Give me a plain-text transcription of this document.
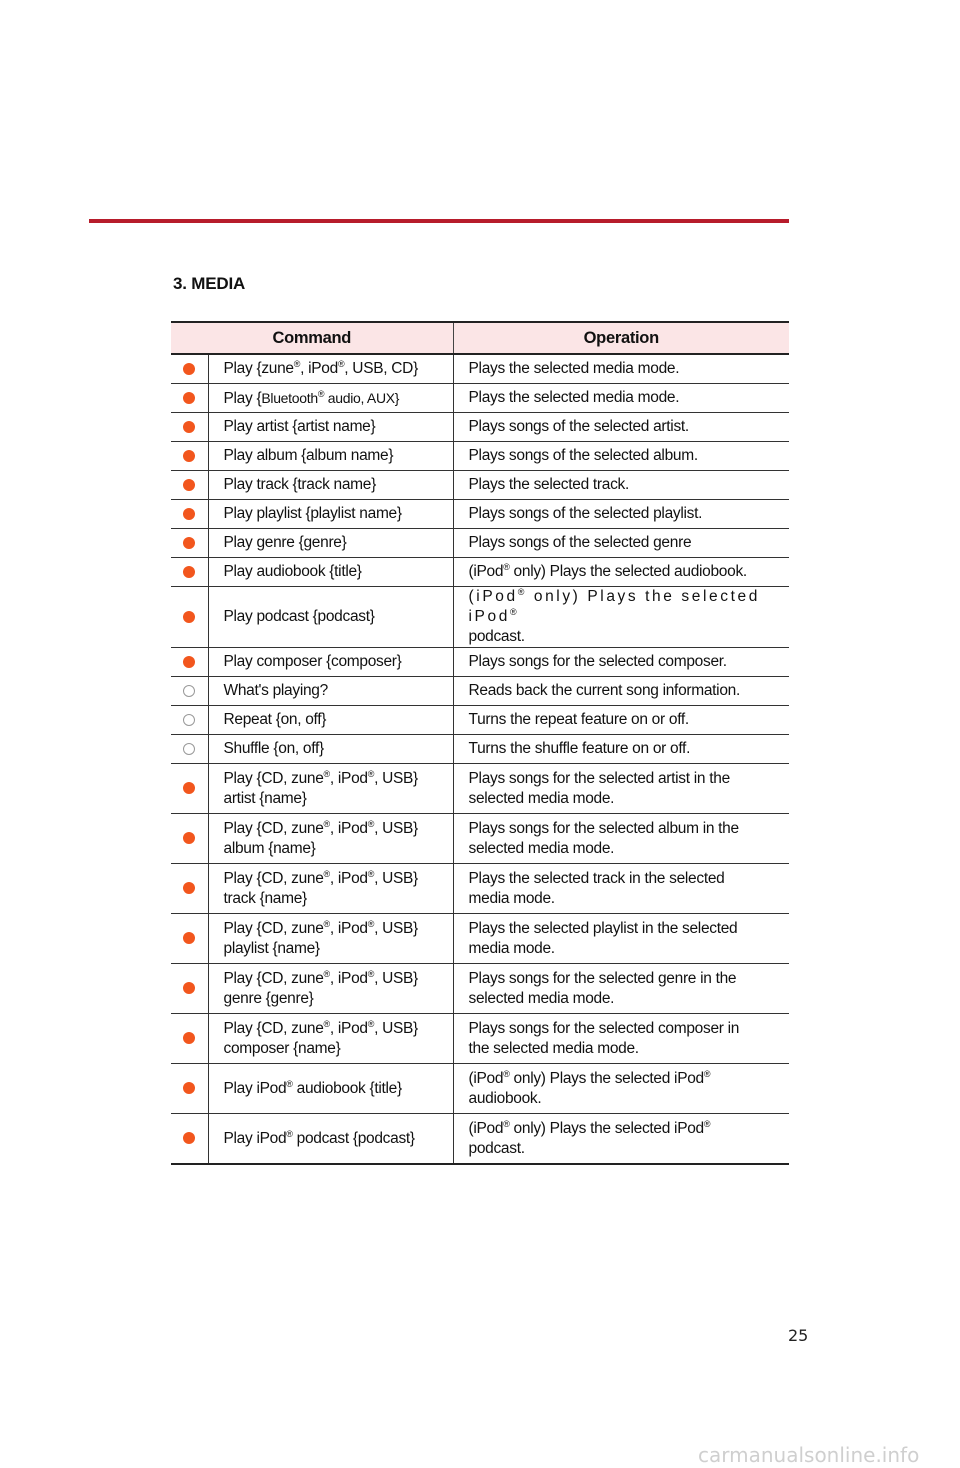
3. MEDIA
Command		Operation
	Play {zune®, iPod®, USB, CD}	Plays the selected media mode.
	Play {Bluetooth® audio, AUX}	Plays the selected media mode.
	Play artist {artist name}	Plays songs of the selected artist.
	Play album {album name}	Plays songs of the selected album.
	Play track {track name}	Plays the selected track.
	Play playlist {playlist name}	Plays songs of the selected playlist.
	Play genre {genre}	Plays songs of the selected genre
	Play audiobook {title}	(iPod® only) Plays the selected audiobook.
	Play podcast {podcast}	(iPod® only) Plays the selected iPod®
podcast.
	Play composer {composer}	Plays songs for the selected composer.
	What's playing?	Reads back the current song information.
	Repeat {on, off}	Turns the repeat feature on or off.
	Shuffle {on, off}	Turns the shuffle feature on or off.
	Play {CD, zune®, iPod®, USB}
artist {name}	Plays songs for the selected artist in the
selected media mode.
	Play {CD, zune®, iPod®, USB}
album {name}	Plays songs for the selected album in the
selected media mode.
	Play {CD, zune®, iPod®, USB}
track {name}	Plays the selected track in the selected
media mode.
	Play {CD, zune®, iPod®, USB}
playlist {name}	Plays the selected playlist in the selected
media mode.
	Play {CD, zune®, iPod®, USB}
genre {genre}	Plays songs for the selected genre in the
selected media mode.
	Play {CD, zune®, iPod®, USB}
composer {name}	Plays songs for the selected composer in
the selected media mode.
	Play iPod® audiobook {title}	(iPod® only) Plays the selected iPod®
audiobook.
	Play iPod® podcast {podcast}	(iPod® only) Plays the selected iPod®
podcast.
25
carmanualsonline.info
